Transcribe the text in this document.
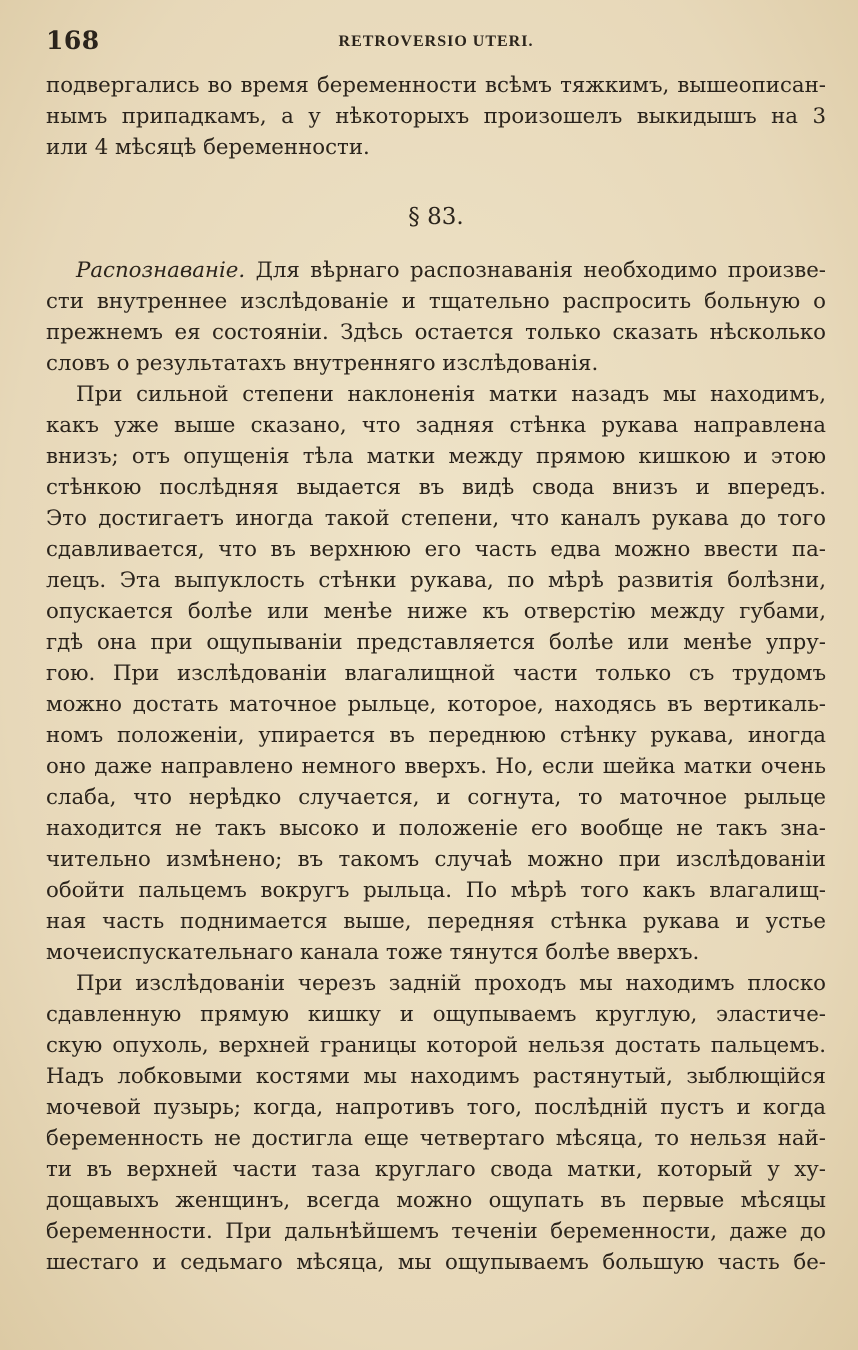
168	RETROVERSIO UTERI.
подвергались во время беременности всѣмъ тяжкимъ, вышеописан-
нымъ припадкамъ, а у нѣкоторыхъ произошелъ выкидышъ на 3
или 4 мѣсяцѣ беременности.
§ 83.
Распознаванiе. Для вѣрнаго распознаванiя необходимо произве-
сти внутреннее изслѣдованiе и тщательно распросить больную о
прежнемъ ея состоянiи. Здѣсь остается только сказать нѣсколько
словъ о результатахъ внутренняго изслѣдованiя.
При сильной степени наклоненiя матки назадъ мы находимъ,
какъ уже выше сказано, что задняя стѣнка рукава направлена
внизъ; отъ опущенiя тѣла матки между прямою кишкою и этою
стѣнкою послѣдняя выдается въ видѣ свода внизъ и впередъ.
Это достигаетъ иногда такой степени, что каналъ рукава до того
сдавливается, что въ верхнюю его часть едва можно ввести па-
лецъ. Эта выпуклость стѣнки рукава, по мѣрѣ развитiя болѣзни,
опускается болѣе или менѣе ниже къ отверстiю между губами,
гдѣ она при ощупываніи представляется болѣе или менѣе упру-
гою. При изслѣдованіи влагалищной части только съ трудомъ
можно достать маточное рыльце, которое, находясь въ вертикаль-
номъ положенiи, упирается въ переднюю стѣнку рукава, иногда
оно даже направлено немного вверхъ. Но, если шейка матки очень
слаба, что нерѣдко случается, и согнута, то маточное рыльце
находится не такъ высоко и положенiе его вообще не такъ зна-
чительно измѣнено; въ такомъ случаѣ можно при изслѣдованiи
обойти пальцемъ вокругъ рыльца. По мѣрѣ того какъ влагалищ-
ная часть поднимается выше, передняя стѣнка рукава и устье
мочеиспускательнаго канала тоже тянутся болѣе вверхъ.
При изслѣдованiи черезъ заднiй проходъ мы находимъ плоско
сдавленную прямую кишку и ощупываемъ круглую, эластиче-
скую опухоль, верхней границы которой нельзя достать пальцемъ.
Надъ лобковыми костями мы находимъ растянутый, зыблющiйся
мочевой пузырь; когда, напротивъ того, послѣднiй пустъ и когда
беременность не достигла еще четвертаго мѣсяца, то нельзя най-
ти въ верхней части таза круглаго свода матки, который у ху-
дощавыхъ женщинъ, всегда можно ощупать въ первые мѣсяцы
беременности. При дальнѣйшемъ теченiи беременности, даже до
шестаго и седьмаго мѣсяца, мы ощупываемъ большую часть бе-
